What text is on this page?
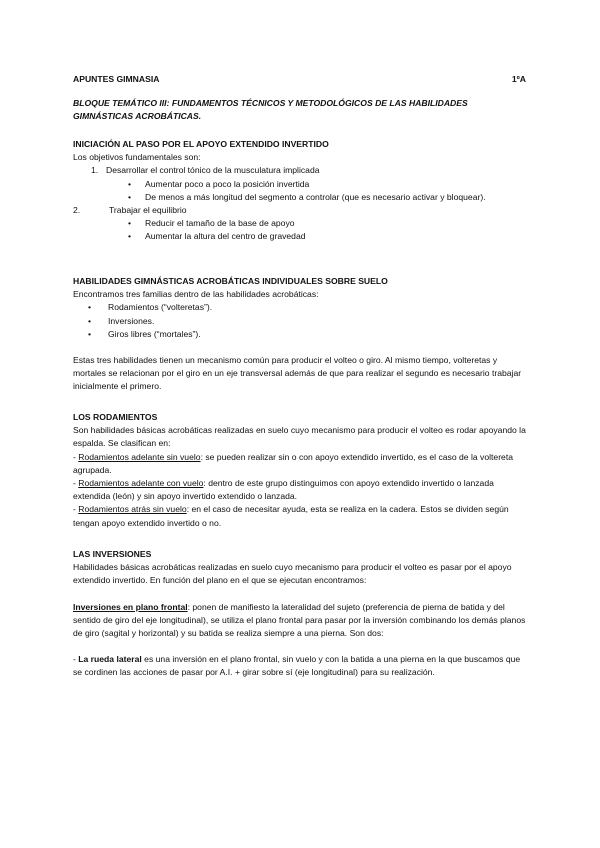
APUNTES GIMNASIA	1ºA
BLOQUE TEMÁTICO III: FUNDAMENTOS TÉCNICOS Y METODOLÓGICOS DE LAS HABILIDADES GIMNÁSTICAS ACROBÁTICAS.

INICIACIÓN AL PASO POR EL APOYO EXTENDIDO INVERTIDO

Los objetivos fundamentales son:

1. Desarrollar el control tónico de la musculatura implicada

• Aumentar poco a poco la posición invertida

• De menos a más longitud del segmento a controlar (que es necesario activar y bloquear).

2.	Trabajar el equilibrio

• Reducir el tamaño de la base de apoyo

• Aumentar la altura del centro de gravedad

HABILIDADES GIMNÁSTICAS ACROBÁTICAS INDIVIDUALES SOBRE SUELO

Encontramos tres familias dentro de las habilidades acrobáticas:

• Rodamientos (“volteretas”).

• Inversiones.

• Giros libres (“mortales”).

Estas tres habilidades tienen un mecanismo común para producir el volteo o giro. Al mismo tiempo, volteretas y mortales se relacionan por el giro en un eje transversal además de que para realizar el segundo es necesario trabajar inicialmente el primero.

LOS RODAMIENTOS

Son habilidades básicas acrobáticas realizadas en suelo cuyo mecanismo para producir el volteo es rodar apoyando la espalda. Se clasifican en:

- Rodamientos adelante sin vuelo: se pueden realizar sin o con apoyo extendido invertido, es el caso de la voltereta agrupada.

- Rodamientos adelante con vuelo: dentro de este grupo distinguimos con apoyo extendido invertido o lanzada extendida (león) y sin apoyo invertido extendido o lanzada.

- Rodamientos atrás sin vuelo: en el caso de necesitar ayuda, esta se realiza en la cadera. Estos se dividen según tengan apoyo extendido invertido o no.

LAS INVERSIONES

Habilidades básicas acrobáticas realizadas en suelo cuyo mecanismo para producir el volteo es pasar por el apoyo extendido invertido. En función del plano en el que se ejecutan encontramos:

Inversiones en plano frontal: ponen de manifiesto la lateralidad del sujeto (preferencia de pierna de batida y del sentido de giro del eje longitudinal), se utiliza el plano frontal para pasar por la inversión combinando los demás planos de giro (sagital y horizontal) y su batida se realiza siempre a una pierna. Son dos:

- La rueda lateral es una inversión en el plano frontal, sin vuelo y con la batida a una pierna en la que buscamos que se cordinen las acciones de pasar por A.I. + girar sobre sí (eje longitudinal) para su realización.
